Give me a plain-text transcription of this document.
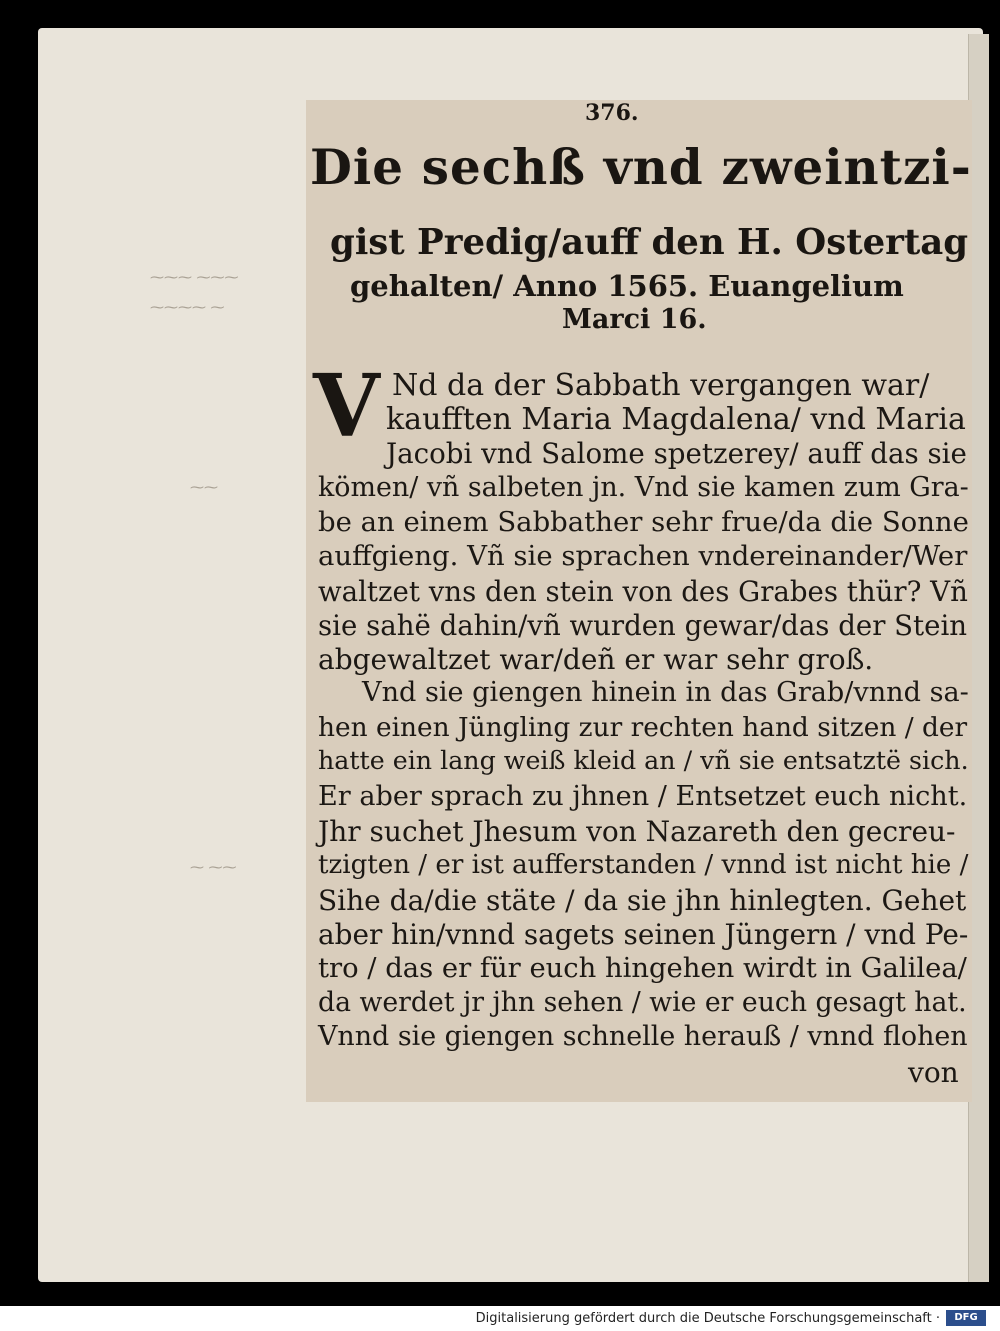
⁓⁓⁓ ⁓⁓⁓
⁓⁓⁓⁓ ⁓
⁓⁓
⁓ ⁓⁓
376.
Die sechß vnd zweintzi-
gist Predig/auff den H. Ostertag
gehalten/ Anno 1565. Euangelium
Marci 16.
V Nd da der Sabbath vergangen war/
kaufften Maria Magdalena/ vnd Maria
Jacobi vnd Salome spetzerey/ auff das sie
kömen/ vñ salbeten jn. Vnd sie kamen zum Gra-
be an einem Sabbather sehr frue/da die Sonne
auffgieng. Vñ sie sprachen vndereinander/Wer
waltzet vns den stein von des Grabes thür? Vñ
sie sahë dahin/vñ wurden gewar/das der Stein
abgewaltzet war/deñ er war sehr groß.
Vnd sie giengen hinein in das Grab/vnnd sa-
hen einen Jüngling zur rechten hand sitzen / der
hatte ein lang weiß kleid an / vñ sie entsatztë sich.
Er aber sprach zu jhnen / Entsetzet euch nicht.
Jhr suchet Jhesum von Nazareth den gecreu-
tzigten / er ist aufferstanden / vnnd ist nicht hie /
Sihe da/die stäte / da sie jhn hinlegten. Gehet
aber hin/vnnd sagets seinen Jüngern / vnd Pe-
tro / das er für euch hingehen wirdt in Galilea/
da werdet jr jhn sehen / wie er euch gesagt hat.
Vnnd sie giengen schnelle herauß / vnnd flohen
von
Digitalisierung gefördert durch die Deutsche Forschungsgemeinschaft ·	DFG
